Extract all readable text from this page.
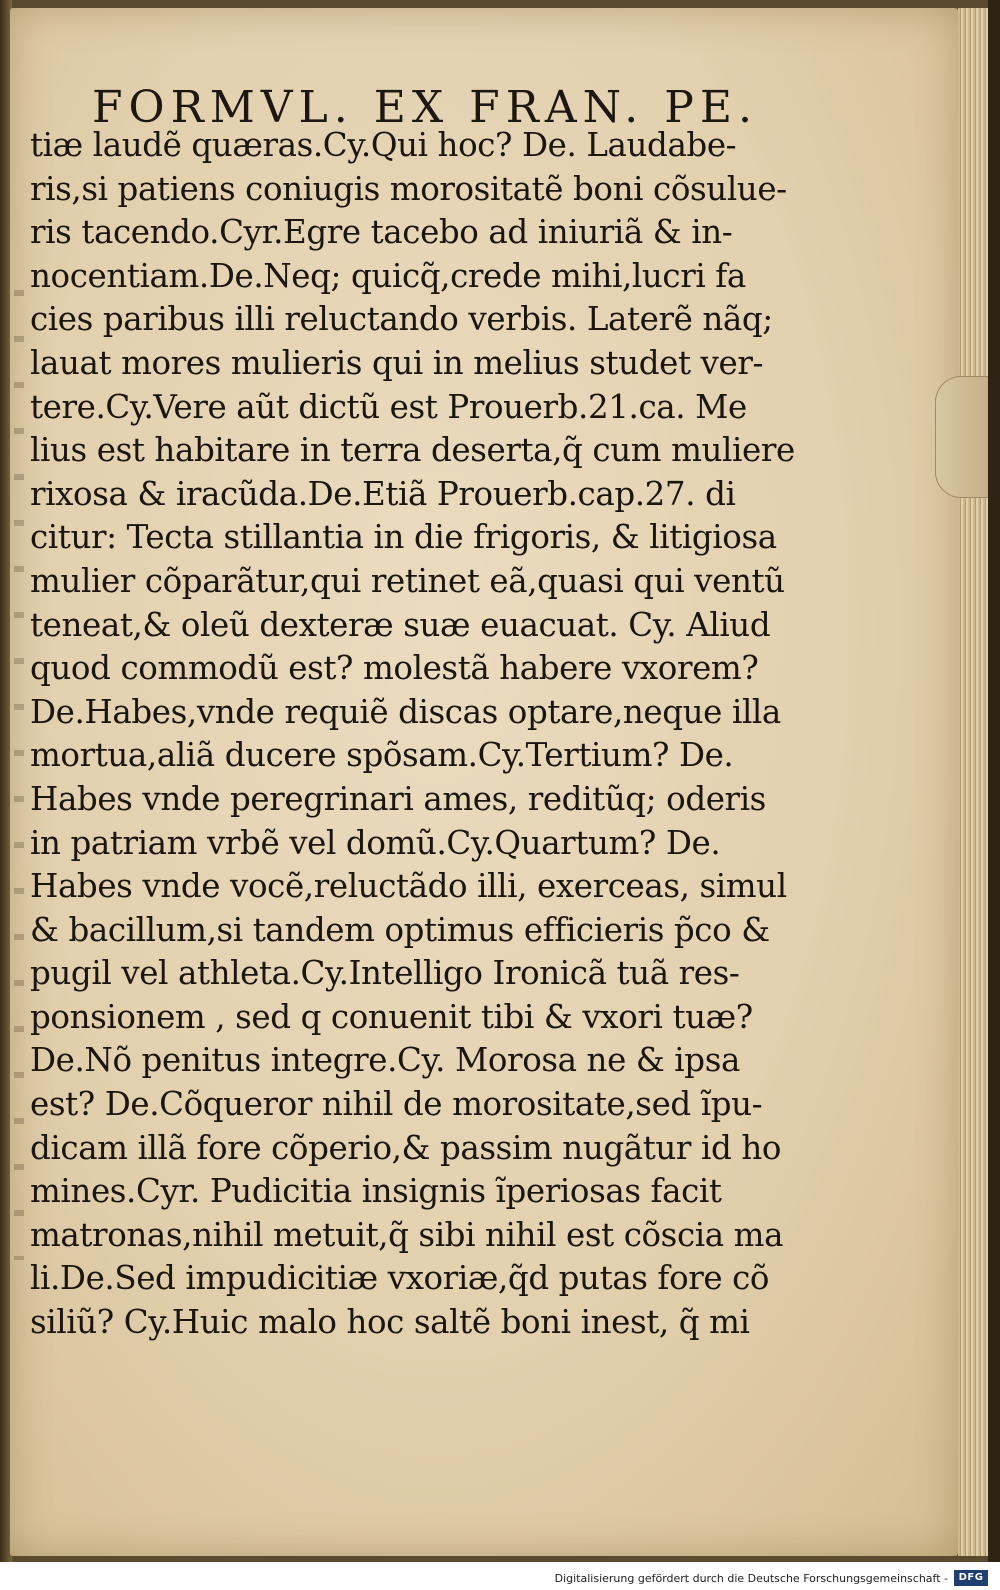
FORMVL. EX FRAN. PE.
tiæ laudẽ quæras.Cy.Qui hoc? De. Laudabe-
ris,si patiens coniugis morositatẽ boni cõsulue-
ris tacendo.Cyr.Egre tacebo ad iniuriã & in-
nocentiam.De.Neq; quicq̃,crede mihi,lucri fa
cies paribus illi reluctando verbis. Laterẽ nãq;
lauat mores mulieris qui in melius studet ver-
tere.Cy.Vere aũt dictũ est Prouerb.21.ca. Me
lius est habitare in terra deserta,q̃ cum muliere
rixosa & iracũda.De.Etiã Prouerb.cap.27. di
citur: Tecta stillantia in die frigoris, & litigiosa
mulier cõparãtur,qui retinet eã,quasi qui ventũ
teneat,& oleũ dexteræ suæ euacuat. Cy. Aliud
quod commodũ est? molestã habere vxorem?
De.Habes,vnde requiẽ discas optare,neque illa
mortua,aliã ducere spõsam.Cy.Tertium? De.
Habes vnde peregrinari ames, reditũq; oderis
in patriam vrbẽ vel domũ.Cy.Quartum? De.
Habes vnde vocẽ,reluctãdo illi, exerceas, simul
& bacillum,si tandem optimus efficieris p̃co &
pugil vel athleta.Cy.Intelligo Ironicã tuã res-
ponsionem , sed q conuenit tibi & vxori tuæ?
De.Nõ penitus integre.Cy. Morosa ne & ipsa
est? De.Cõqueror nihil de morositate,sed ĩpu-
dicam illã fore cõperio,& passim nugãtur id ho
mines.Cyr. Pudicitia insignis ĩperiosas facit
matronas,nihil metuit,q̃ sibi nihil est cõscia ma
li.De.Sed impudicitiæ vxoriæ,q̃d putas fore cõ
siliũ? Cy.Huic malo hoc saltẽ boni inest, q̃ mi
Digitalisierung gefördert durch die Deutsche Forschungsgemeinschaft -	DFG
